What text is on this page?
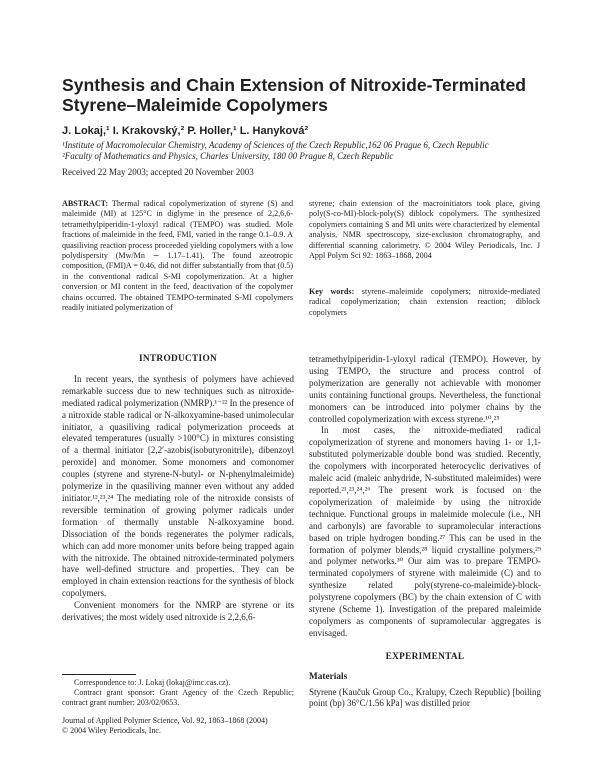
Synthesis and Chain Extension of Nitroxide-Terminated Styrene–Maleimide Copolymers
J. Lokaj,¹ I. Krakovský,² P. Holler,¹ L. Hanyková²
¹Institute of Macromolecular Chemistry, Academy of Sciences of the Czech Republic,162 06 Prague 6, Czech Republic
²Faculty of Mathematics and Physics, Charles University, 180 00 Prague 8, Czech Republic
Received 22 May 2003; accepted 20 November 2003
ABSTRACT: Thermal radical copolymerization of styrene (S) and maleimide (MI) at 125°C in diglyme in the presence of 2,2,6,6-tetramethylpiperidin-1-yloxyl radical (TEMPO) was studied. Mole fractions of maleimide in the feed, FMI, varied in the range 0.1–0.9. A quasiliving reaction process proceeded yielding copolymers with a low polydispersity (Mw/Mn ∼ 1.17–1.41). The found azeotropic composition, (FMI)A = 0.46, did not differ substantially from that (0.5) in the conventional radical S-MI copolymerization. At a higher conversion or MI content in the feed, deactivation of the copolymer chains occurred. The obtained TEMPO-terminated S-MI copolymers readily initiated polymerization of
styrene; chain extension of the macroinitiators took place, giving poly(S-co-MI)-block-poly(S) diblock copolymers. The synthesized copolymers containing S and MI units were characterized by elemental analysis, NMR spectroscopy, size-exclusion chromatography, and differential scanning calorimetry. © 2004 Wiley Periodicals, Inc. J Appl Polym Sci 92: 1863–1868, 2004
Key words: styrene–maleimide copolymers; nitroxide-mediated radical copolymerization; chain extension reaction; diblock copolymers
INTRODUCTION

In recent years, the synthesis of polymers have achieved remarkable success due to new techniques such as nitroxide-mediated radical polymerization (NMRP).¹⁻²² In the presence of a nitroxide stable radical or N-alkoxyamine-based unimolecular initiator, a quasiliving radical polymerization proceeds at elevated temperatures (usually >100°C) in mixtures consisting of a thermal initiator [2,2′-azobis(isobutyronitrile), dibenzoyl peroxide] and monomer. Some monomers and comonomer couples (styrene and styrene-N-butyl- or N-phenylmaleimide) polymerize in the quasiliving manner even without any added initiator.¹²,²³,²⁴ The mediating role of the nitroxide consists of reversible termination of growing polymer radicals under formation of thermally unstable N-alkoxyamine bond. Dissociation of the bonds regenerates the polymer radicals, which can add more monomer units before being trapped again with the nitroxide. The obtained nitroxide-terminated polymers have well-defined structure and properties. They can be employed in chain extension reactions for the synthesis of block copolymers.

Convenient monomers for the NMRP are styrene or its derivatives; the most widely used nitroxide is 2,2,6,6-

tetramethylpiperidin-1-yloxyl radical (TEMPO). However, by using TEMPO, the structure and process control of polymerization are generally not achievable with monomer units containing functional groups. Nevertheless, the functional monomers can be introduced into polymer chains by the controlled copolymerization with excess styrene.¹⁰,²⁵

In most cases, the nitroxide-mediated radical copolymerization of styrene and monomers having 1- or 1,1-substituted polymerizable double bond was studied. Recently, the copolymers with incorporated heterocyclic derivatives of maleic acid (maleic anhydride, N-substituted maleimides) were reported.²¹,²³,²⁴,²⁶ The present work is focused on the copolymerization of maleimide by using the nitroxide technique. Functional groups in maleimide molecule (i.e., NH and carbonyls) are favorable to supramolecular interactions based on triple hydrogen bonding.²⁷ This can be used in the formation of polymer blends,²⁸ liquid crystalline polymers,²⁹ and polymer networks.³⁰ Our aim was to prepare TEMPO-terminated copolymers of styrene with maleimide (C) and to synthesize related poly(styrene-co-maleimide)-block-polystyrene copolymers (BC) by the chain extension of C with styrene (Scheme 1). Investigation of the prepared maleimide copolymers as components of supramolecular aggregates is envisaged.

EXPERIMENTAL
Materials

Styrene (Kaučuk Group Co., Kralupy, Czech Republic) [boiling point (bp) 36°C/1.56 kPa] was distilled prior

Correspondence to: J. Lokaj (lokaj@imc.cas.cz).

Contract grant sponsor: Grant Agency of the Czech Republic; contract grant number: 203/02/0653.

Journal of Applied Polymer Science, Vol. 92, 1863–1868 (2004)

© 2004 Wiley Periodicals, Inc.
